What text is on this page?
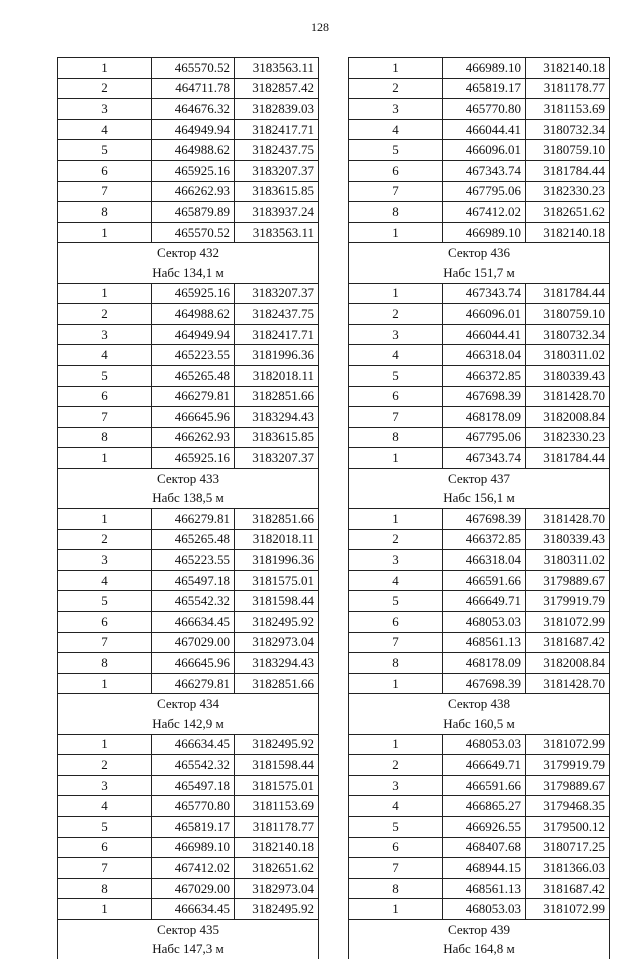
128
1	465570.52	3183563.11
2	464711.78	3182857.42
3	464676.32	3182839.03
4	464949.94	3182417.71
5	464988.62	3182437.75
6	465925.16	3183207.37
7	466262.93	3183615.85
8	465879.89	3183937.24
1	465570.52	3183563.11
Сектор 432		
Набс 134,1 м		
1	465925.16	3183207.37
2	464988.62	3182437.75
3	464949.94	3182417.71
4	465223.55	3181996.36
5	465265.48	3182018.11
6	466279.81	3182851.66
7	466645.96	3183294.43
8	466262.93	3183615.85
1	465925.16	3183207.37
Сектор 433		
Набс 138,5 м		
1	466279.81	3182851.66
2	465265.48	3182018.11
3	465223.55	3181996.36
4	465497.18	3181575.01
5	465542.32	3181598.44
6	466634.45	3182495.92
7	467029.00	3182973.04
8	466645.96	3183294.43
1	466279.81	3182851.66
Сектор 434		
Набс 142,9 м		
1	466634.45	3182495.92
2	465542.32	3181598.44
3	465497.18	3181575.01
4	465770.80	3181153.69
5	465819.17	3181178.77
6	466989.10	3182140.18
7	467412.02	3182651.62
8	467029.00	3182973.04
1	466634.45	3182495.92
Сектор 435		
Набс 147,3 м		
1	466989.10	3182140.18
2	465819.17	3181178.77
3	465770.80	3181153.69
4	466044.41	3180732.34
5	466096.01	3180759.10
6	467343.74	3181784.44
7	467795.06	3182330.23
8	467412.02	3182651.62
1	466989.10	3182140.18
Сектор 436		
Набс 151,7 м		
1	467343.74	3181784.44
2	466096.01	3180759.10
3	466044.41	3180732.34
4	466318.04	3180311.02
5	466372.85	3180339.43
6	467698.39	3181428.70
7	468178.09	3182008.84
8	467795.06	3182330.23
1	467343.74	3181784.44
Сектор 437		
Набс 156,1 м		
1	467698.39	3181428.70
2	466372.85	3180339.43
3	466318.04	3180311.02
4	466591.66	3179889.67
5	466649.71	3179919.79
6	468053.03	3181072.99
7	468561.13	3181687.42
8	468178.09	3182008.84
1	467698.39	3181428.70
Сектор 438		
Набс 160,5 м		
1	468053.03	3181072.99
2	466649.71	3179919.79
3	466591.66	3179889.67
4	466865.27	3179468.35
5	466926.55	3179500.12
6	468407.68	3180717.25
7	468944.15	3181366.03
8	468561.13	3181687.42
1	468053.03	3181072.99
Сектор 439		
Набс 164,8 м		
